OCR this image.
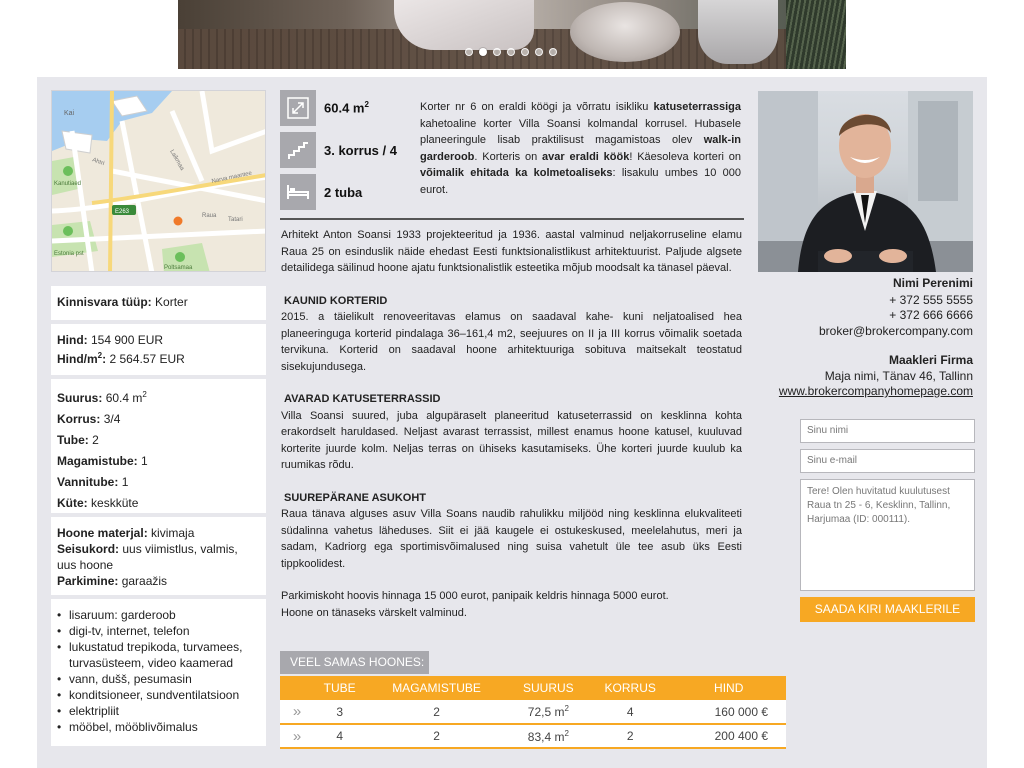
Kai
Ahtri
Narva maantee
Laikmaa
Raua
Kanutiaed
Estonia pst
Poltsamaa
Tatari
E263
Kinnisvara tüüp: Korter
Hind: 154 900 EUR
Hind/$m^2$: 2 564.57 EUR
Suurus: 60.4 $m^2$
Korrus: 3/4
Tube: 2
Magamistube: 1
Vannitube: 1
Küte: keskküte
Hoone materjal: kivimaja
Seisukord: uus viimistlus, valmis, uus hoone
Parkimine: garaažis
• lisaruum: garderoob
• digi-tv, internet, telefon
• lukustatud trepikoda, turvamees, turvasüsteem, video kaamerad
• vann, dušš, pesumasin
• konditsioneer, sundventilatsioon
• elektripliit
• mööbel, mööblivõimalus
60.4 $m^2$
3. korrus / 4
2 tuba

Korter nr 6 on eraldi köögi ja võrratu isikliku katuseterrassiga kahetoaline korter Villa Soansi kolmandal korrusel. Hubasele planeeringule lisab praktilisust magamistoas olev walk-in garderoob. Korteris on avar eraldi köök! Käesoleva korteri on võimalik ehitada ka kolmetoaliseks: lisakulu umbes 10 000 eurot.

Arhitekt Anton Soansi 1933 projekteeritud ja 1936. aastal valminud neljakorruseline elamu Raua 25 on esinduslik näide ehedast Eesti funktsionalistlikust arhitektuurist. Paljude algsete detailidega säilinud hoone ajatu funktsionalistlik esteetika mõjub moodsalt ka tänasel päeval.

KAUNID KORTERID

2015. a täielikult renoveeritavas elamus on saadaval kahe- kuni neljatoalised hea planeeringuga korterid pindalaga 36–161,4 m2, seejuures on II ja III korrus võimalik soetada tervikuna. Korterid on saadaval hoone arhitektuuriga sobituva maitsekalt teostatud sisekujundusega.

AVARAD KATUSETERRASSID

Villa Soansi suured, juba algupäraselt planeeritud katuseterrassid on kesklinna kohta erakordselt haruldased. Neljast avarast terrassist, millest enamus hoone katusel, kuuluvad korterite juurde kolm. Neljas terras on ühiseks kasutamiseks. Ühe korteri juurde kuulub ka ruumikas rõdu.

SUUREPÄRANE ASUKOHT

Raua tänava alguses asuv Villa Soans naudib rahulikku miljööd ning kesklinna elukvaliteeti südalinna vahetus läheduses. Siit ei jää kaugele ei ostukeskused, meelelahutus, meri ja sadam, Kadriorg ega sportimisvõimalused ning suisa vahetult üle tee asub üks Eesti tippkoolidest.

Parkimiskoht hoovis hinnaga 15 000 eurot, panipaik keldris hinnaga 5000 eurot.

Hoone on tänaseks värskelt valminud.

VEEL SAMAS HOONES:
	TUBE	MAGAMISTUBE	SUURUS	KORRUS	HIND
»	3	2	72,5 $m^2$	4	160 000 €
»	4	2	83,4 $m^2$	2	200 400 €
Nimi Perenimi
+ 372 555 5555
+ 372 666 6666
broker@brokercompany.com
Maakleri Firma
Maja nimi, Tänav 46, Tallinn
www.brokercompanyhomepage.com
Sinu nimi
Sinu e-mail
Tere! Olen huvitatud kuulutusest Raua tn 25 - 6, Kesklinn, Tallinn, Harjumaa (ID: 000111).
SAADA KIRI MAAKLERILE
